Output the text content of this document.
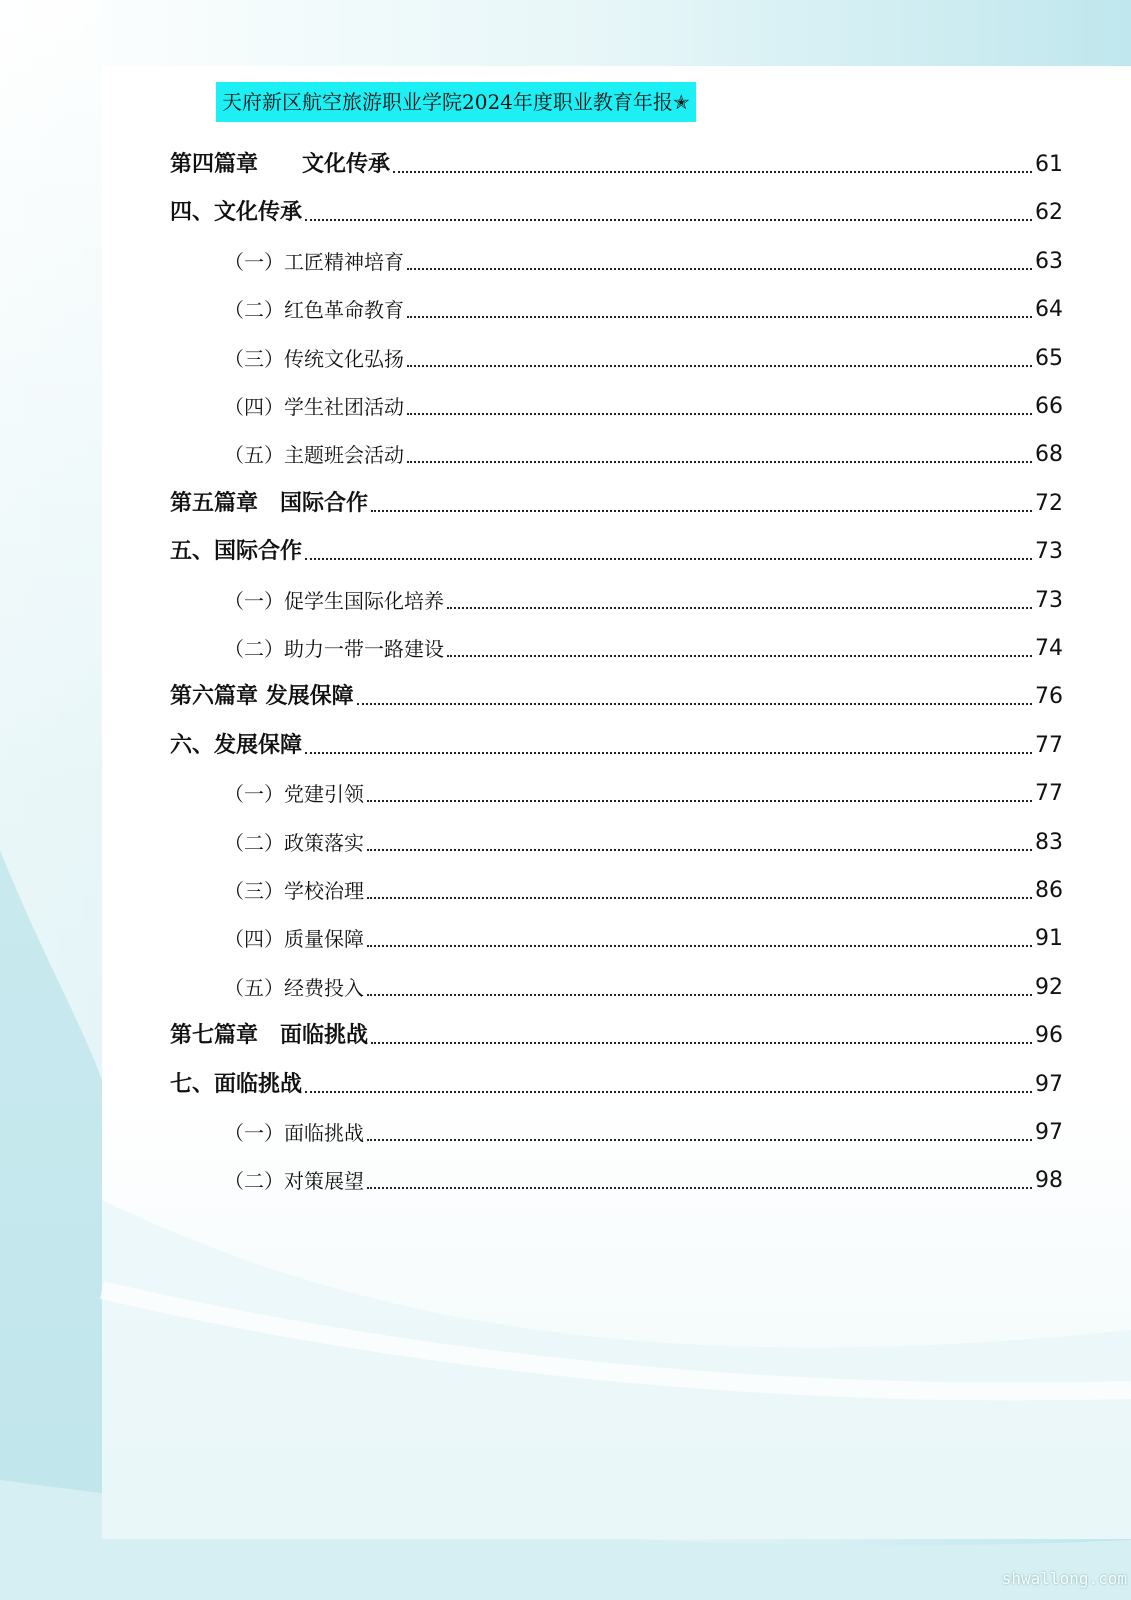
天府新区航空旅游职业学院2024年度职业教育年报✭
第四篇章　　文化传承	61
四、文化传承	62
（一）工匠精神培育	63
（二）红色革命教育	64
（三）传统文化弘扬	65
（四）学生社团活动	66
（五）主题班会活动	68
第五篇章　国际合作	72
五、国际合作	73
（一）促学生国际化培养	73
（二）助力一带一路建设	74
第六篇章 发展保障	76
六、发展保障	77
（一）党建引领	77
（二）政策落实	83
（三）学校治理	86
（四）质量保障	91
（五）经费投入	92
第七篇章　面临挑战	96
七、面临挑战	97
（一）面临挑战	97
（二）对策展望	98
shwallong.com
